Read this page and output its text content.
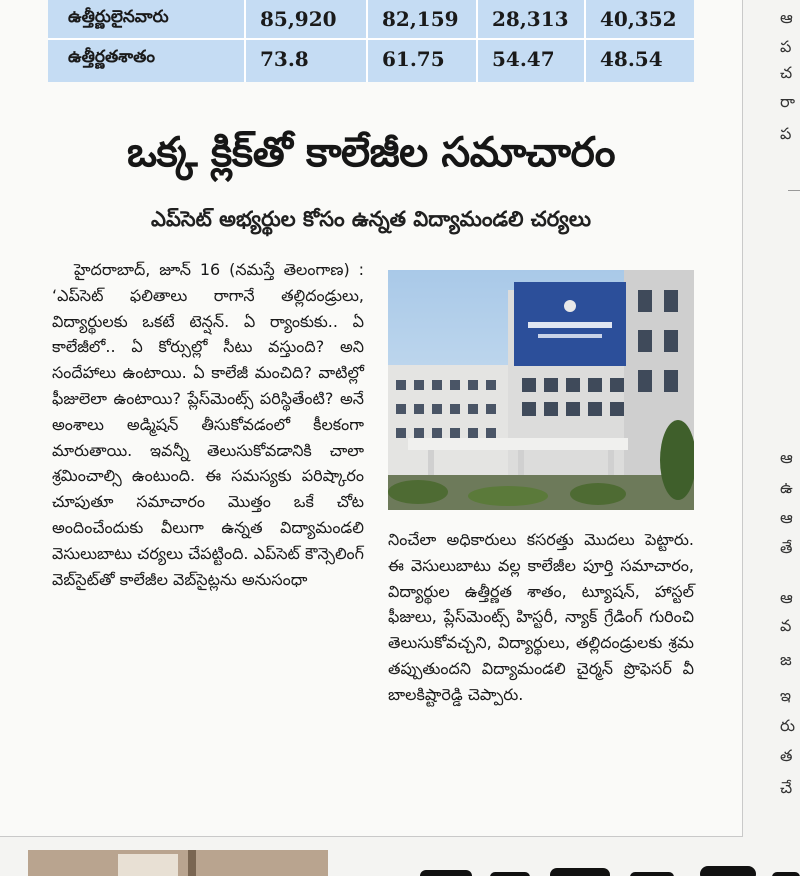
ఉత్తీర్ణులైనవారు	85,920 82,159 28,313 40,352
ఉత్తీర్ణతశాతం	73.8	61.75 54.47 48.54
ఒక్క క్లిక్‌తో కాలేజీల సమాచారం
ఎప్‌సెట్ అభ్యర్థుల కోసం ఉన్నత విద్యామండలి చర్యలు

హైదరాబాద్, జూన్ 16 (నమస్తే తెలంగాణ) : ‘ఎప్‌సెట్ ఫలితాలు రాగానే తల్లిదండ్రులు, విద్యార్థులకు ఒకటే టెన్షన్. ఏ ర్యాంకుకు.. ఏ కాలేజీలో.. ఏ కోర్సుల్లో సీటు వస్తుంది? అని సందేహాలు ఉంటాయి. ఏ కాలేజీ మంచిది? వాటిల్లో ఫీజులెలా ఉంటాయి? ప్లేస్‌మెంట్స్ పరిస్థితేంటి? అనే అంశాలు అడ్మిషన్ తీసుకోవడంలో కీలకంగా మారుతాయి. ఇవన్నీ తెలుసుకోవడానికి చాలా శ్రమించాల్సి ఉంటుంది. ఈ సమస్యకు పరిష్కారం చూపుతూ సమాచారం మొత్తం ఒకే చోట అందించేందుకు వీలుగా ఉన్నత విద్యామండలి వెసులుబాటు చర్యలు చేపట్టింది. ఎప్‌సెట్ కౌన్సెలింగ్ వెబ్‌సైట్‌తో కాలేజీల వెబ్‌సైట్లను అనుసంధా

నించేలా అధికారులు కసరత్తు మొదలు పెట్టారు. ఈ వెసులుబాటు వల్ల కాలేజీల పూర్తి సమాచారం, విద్యార్థుల ఉత్తీర్ణత శాతం, ట్యూషన్, హాస్టల్ ఫీజులు, ప్లేస్‌మెంట్స్ హిస్టరీ, న్యాక్ గ్రేడింగ్ గురించి తెలుసుకోవచ్చని, విద్యార్థులు, తల్లిదండ్రులకు శ్రమ తప్పుతుందని విద్యామండలి చైర్మన్ ప్రొఫెసర్ వీ బాలకిష్టారెడ్డి చెప్పారు.

ఆ
ప
చ
రా
ప
ఆ
ఉ
ఆ
తే
ఆ
వ
జ
ఇ
రు
త
చే
